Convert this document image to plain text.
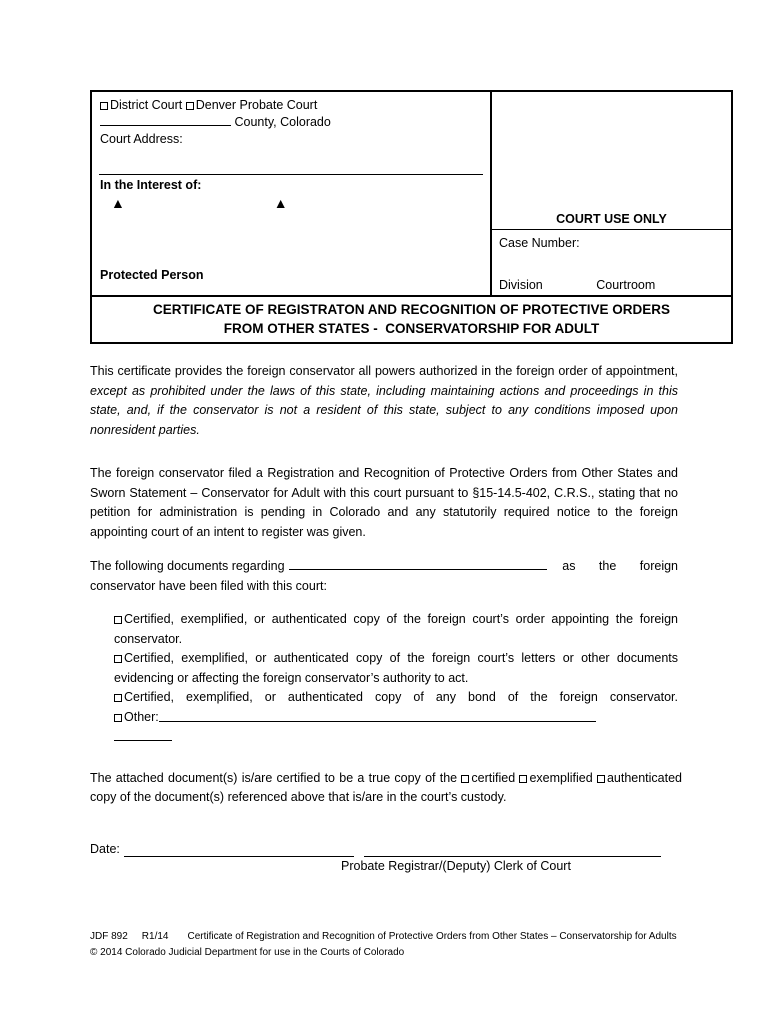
District Court Denver Probate Court
County, Colorado
Court Address:
In the Interest of:
▲	▲
Protected Person
COURT USE ONLY
Case Number:
Division	Courtroom
CERTIFICATE OF REGISTRATON AND RECOGNITION OF PROTECTIVE ORDERS
FROM OTHER STATES -  CONSERVATORSHIP FOR ADULT
This certificate provides the foreign conservator all powers authorized in the foreign order of appointment, except as prohibited under the laws of this state, including maintaining actions and proceedings in this state, and, if the conservator is not a resident of this state, subject to any conditions imposed upon nonresident parties.
The foreign conservator filed a Registration and Recognition of Protective Orders from Other States and Sworn Statement – Conservator for Adult with this court pursuant to §15-14.5-402, C.R.S., stating that no petition for administration is pending in Colorado and any statutorily required notice to the foreign appointing court of an intent to register was given.
The following documents regarding	as the foreign
conservator have been filed with this court:
Certified, exemplified, or authenticated copy of the foreign court’s order appointing the foreign conservator.
Certified, exemplified, or authenticated copy of the foreign court’s letters or other documents evidencing or affecting the foreign conservator’s authority to act.
Certified, exemplified, or authenticated copy of any bond of the foreign conservator.
Other:
The attached document(s) is/are certified to be a true copy of the certified exemplified authenticated copy of the document(s) referenced above that is/are in the court’s custody.
Date:
Probate Registrar/(Deputy) Clerk of Court
JDF 892 R1/14 Certificate of Registration and Recognition of Protective Orders from Other States – Conservatorship for Adults
© 2014 Colorado Judicial Department for use in the Courts of Colorado
